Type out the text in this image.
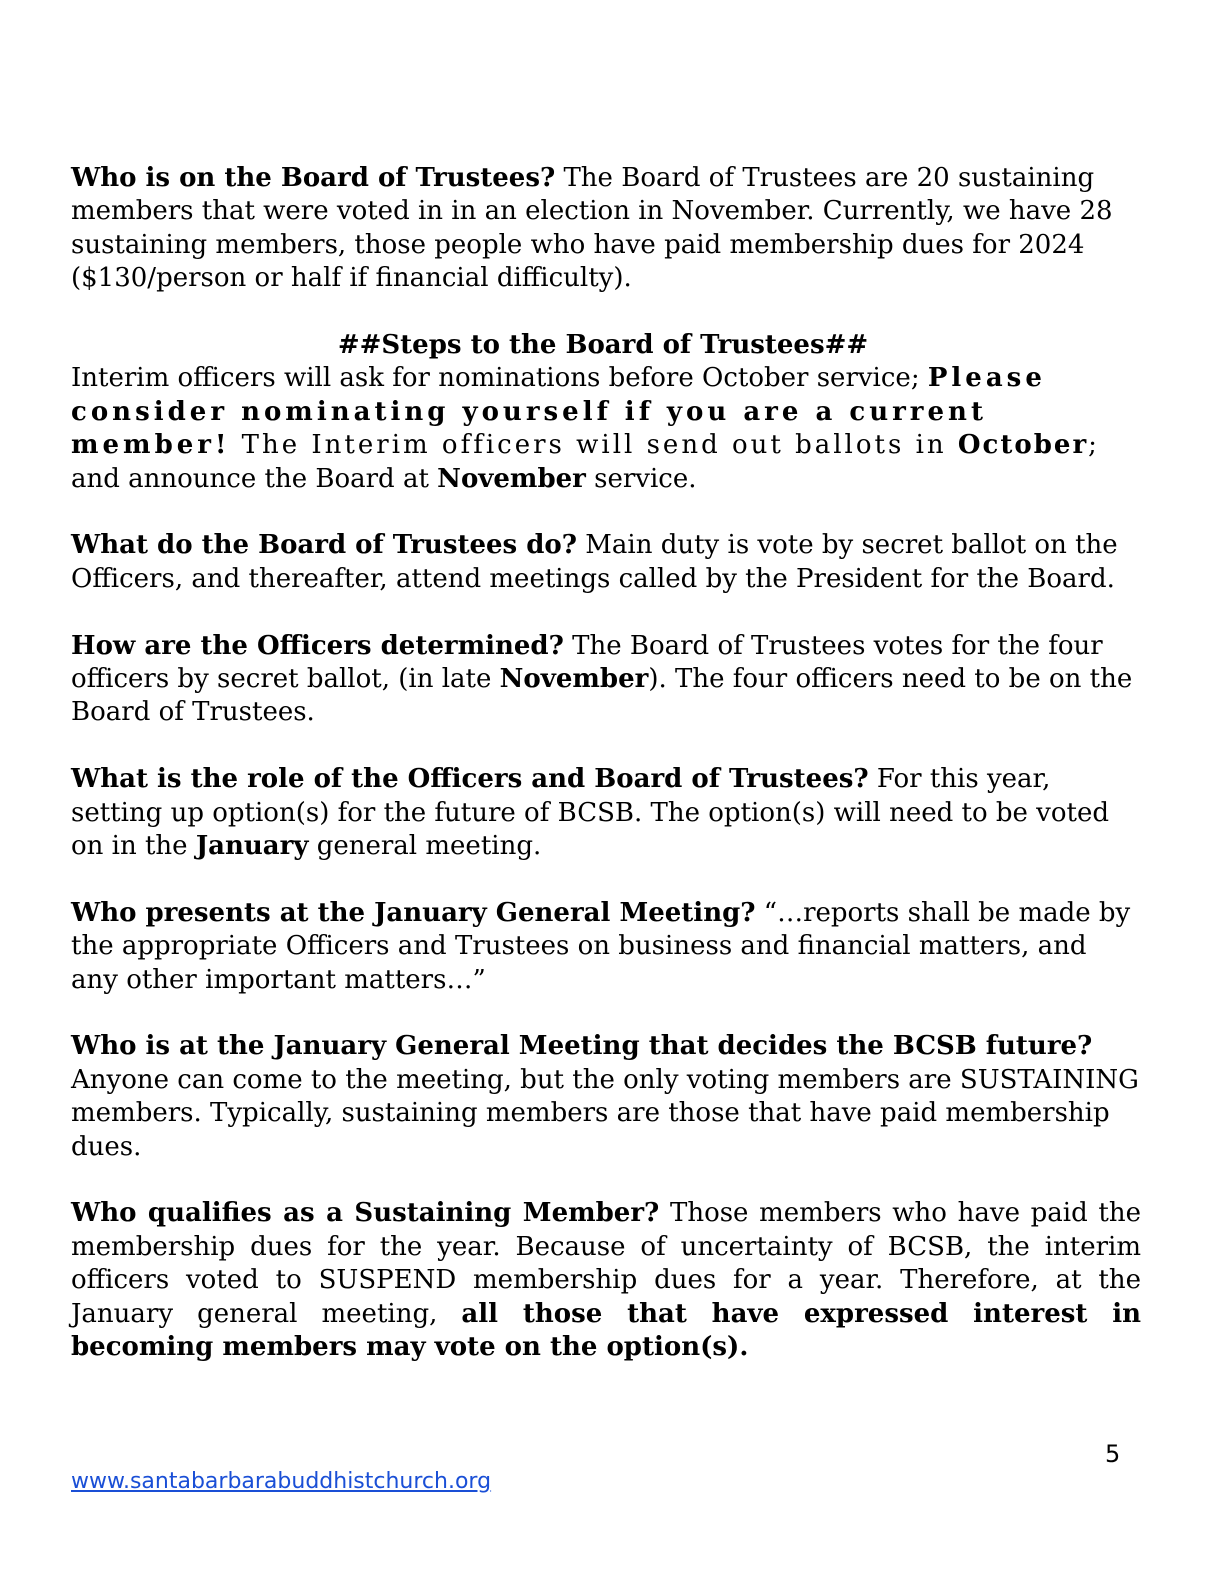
Who is on the Board of Trustees? The Board of Trustees are 20 sustaining members that were voted in in an election in November. Currently, we have 28 sustaining members, those people who have paid membership dues for 2024 ($130/person or half if financial difficulty).

##Steps to the Board of Trustees##

Interim officers will ask for nominations before October service; Please consider nominating yourself if you are a current member! The Interim officers will send out ballots in October; and announce the Board at November service.

What do the Board of Trustees do? Main duty is vote by secret ballot on the Officers, and thereafter, attend meetings called by the President for the Board.

How are the Officers determined? The Board of Trustees votes for the four officers by secret ballot, (in late November). The four officers need to be on the Board of Trustees.

What is the role of the Officers and Board of Trustees? For this year, setting up option(s) for the future of BCSB. The option(s) will need to be voted on in the January general meeting.

Who presents at the January General Meeting? “…reports shall be made by the appropriate Officers and Trustees on business and financial matters, and any other important matters…”

Who is at the January General Meeting that decides the BCSB future? Anyone can come to the meeting, but the only voting members are SUSTAINING members. Typically, sustaining members are those that have paid membership dues.

Who qualifies as a Sustaining Member? Those members who have paid the membership dues for the year. Because of uncertainty of BCSB, the interim officers voted to SUSPEND membership dues for a year. Therefore, at the January general meeting, all those that have expressed interest in becoming members may vote on the option(s).

5
www.santabarbarabuddhistchurch.org
